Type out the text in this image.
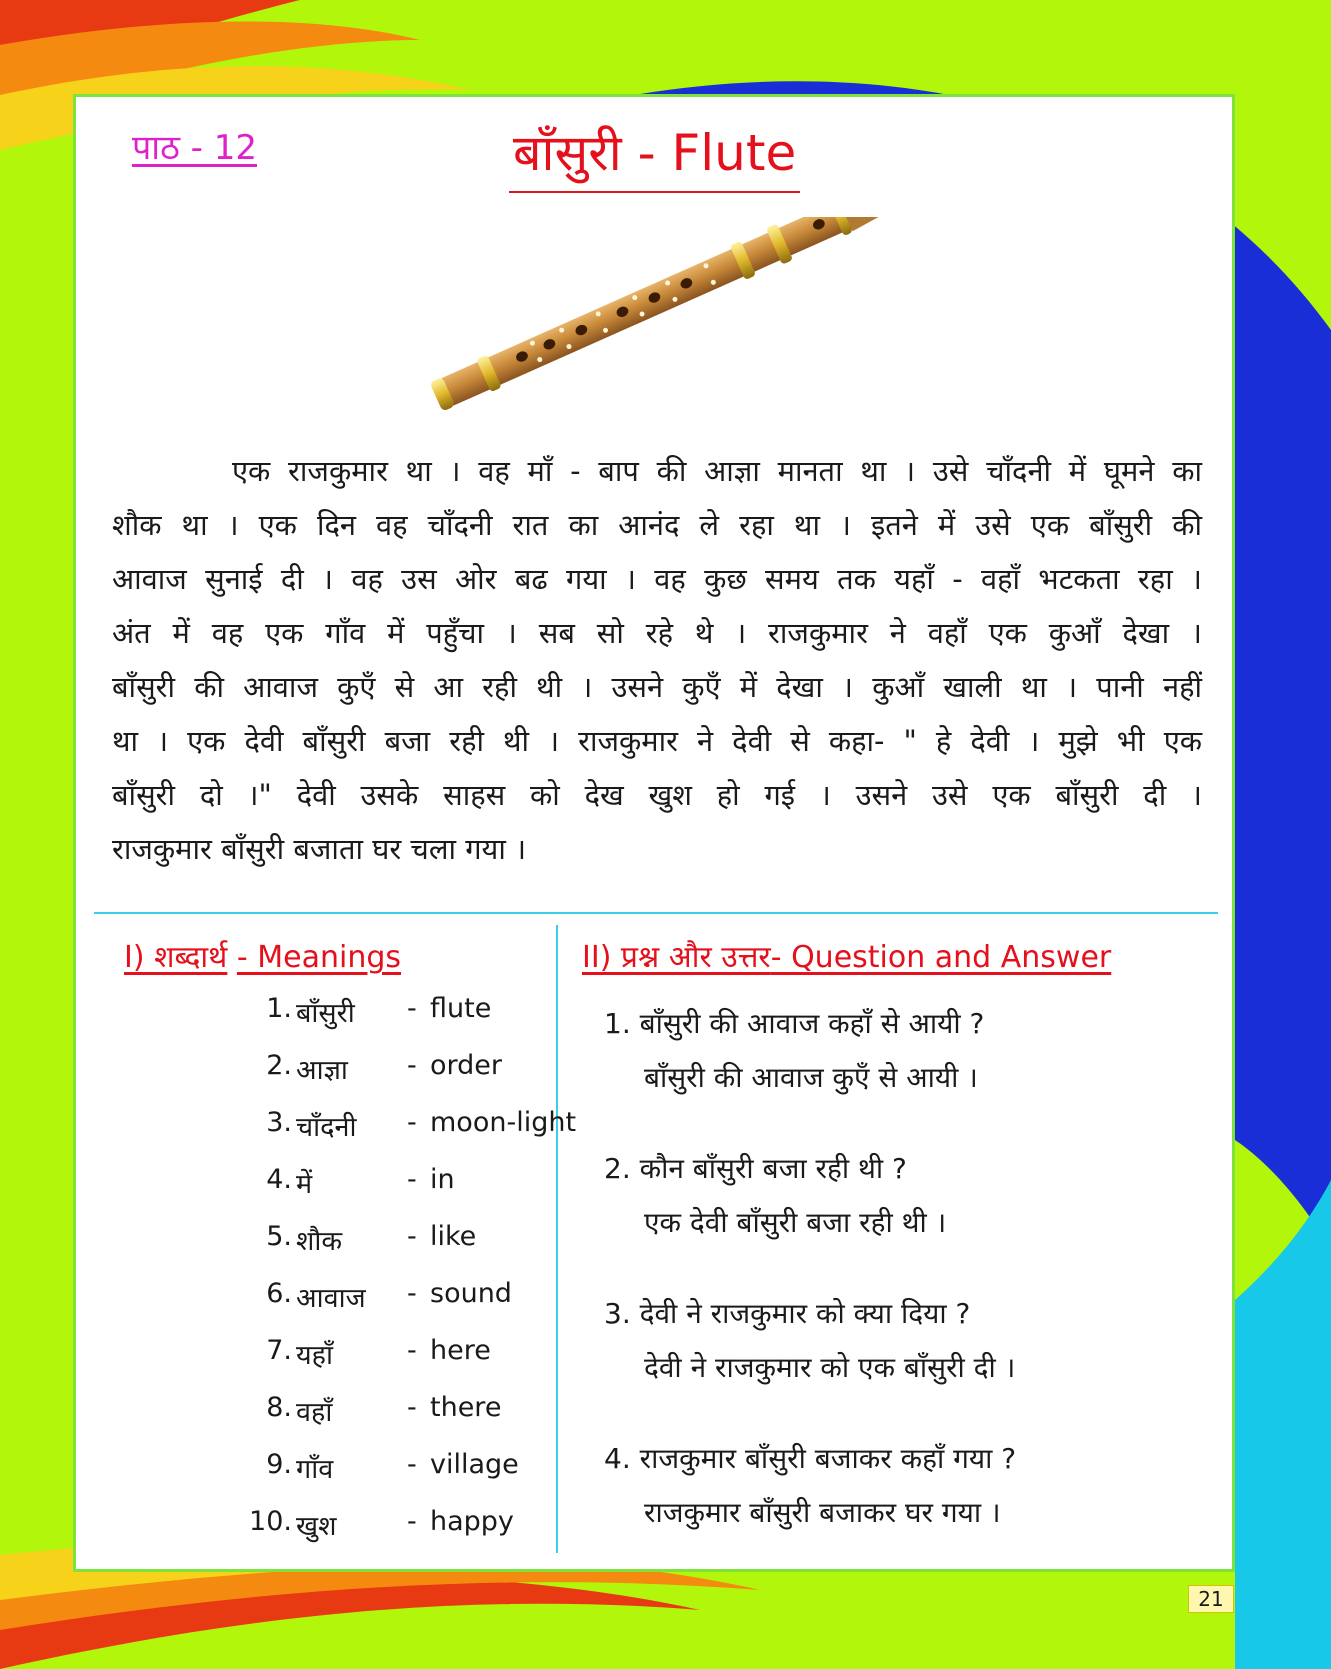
पाठ - 12	बाँसुरी - Flute
एक राजकुमार था । वह माँ - बाप की आज्ञा मानता था । उसे चाँदनी में घूमने का
शौक था । एक दिन वह चाँदनी रात का आनंद ले रहा था । इतने में उसे एक बाँसुरी की
आवाज सुनाई दी । वह उस ओर बढ गया । वह कुछ समय तक यहाँ - वहाँ भटकता रहा ।
अंत में वह एक गाँव में पहुँचा । सब सो रहे थे । राजकुमार ने वहाँ एक कुआँ देखा ।
बाँसुरी की आवाज कुएँ से आ रही थी । उसने कुएँ में देखा । कुआँ खाली था । पानी नहीं
था । एक देवी बाँसुरी बजा रही थी । राजकुमार ने देवी से कहा- " हे देवी । मुझे भी एक
बाँसुरी दो ।" देवी उसके साहस को देख खुश हो गई । उसने उसे एक बाँसुरी दी ।
राजकुमार बाँसुरी बजाता घर चला गया ।
I) शब्दार्थ - Meanings	II) प्रश्न और उत्तर- Question and Answer
1. बाँसुरी - flute
2. आज्ञा - order
3. चाँदनी - moon-light
4. में	- in
5. शौक - like
6. आवाज - sound
7. यहाँ	- here
8. वहाँ	- there
9. गाँव	- village
10. खुश	- happy
1. बाँसुरी की आवाज कहाँ से आयी ?
बाँसुरी की आवाज कुएँ से आयी ।
2. कौन बाँसुरी बजा रही थी ?
एक देवी बाँसुरी बजा रही थी ।
3. देवी ने राजकुमार को क्या दिया ?
देवी ने राजकुमार को एक बाँसुरी दी ।
4. राजकुमार बाँसुरी बजाकर कहाँ गया ?
राजकुमार बाँसुरी बजाकर घर गया ।
21
